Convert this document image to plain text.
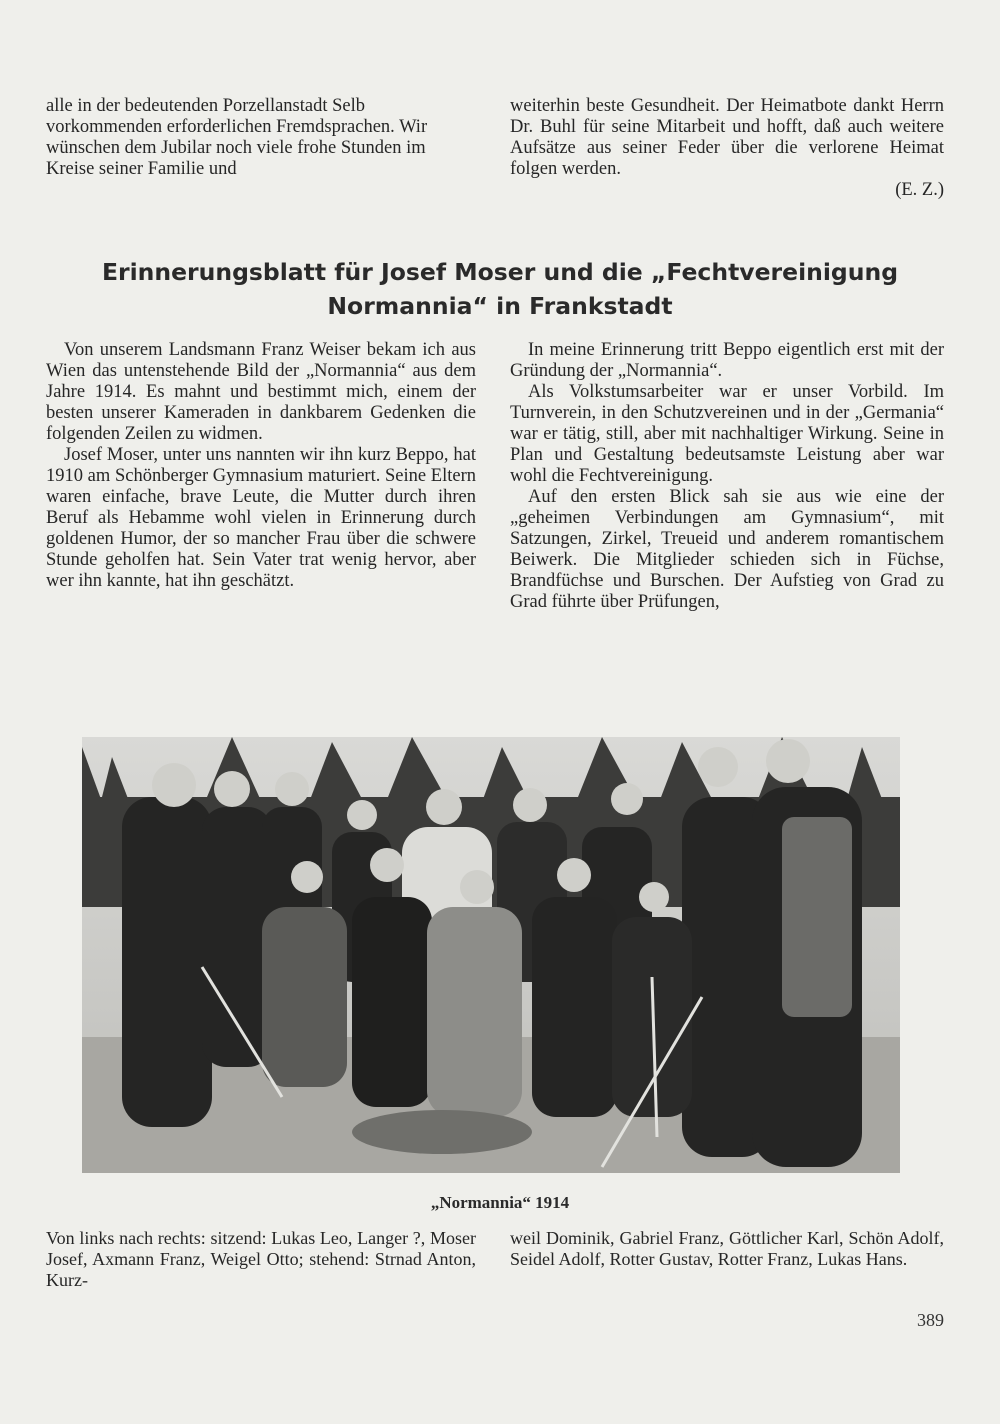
alle in der bedeutenden Porzellanstadt Selb vorkommenden erforderlichen Fremdsprachen. Wir wünschen dem Jubilar noch viele frohe Stunden im Kreise seiner Familie und

weiterhin beste Gesundheit. Der Heimatbote dankt Herrn Dr. Buhl für seine Mitarbeit und hofft, daß auch weitere Aufsätze aus seiner Feder über die verlorene Heimat folgen werden.

(E. Z.)
Erinnerungsblatt für Josef Moser und die „Fechtvereinigung
Normannia“ in Frankstadt

Von unserem Landsmann Franz Weiser bekam ich aus Wien das untenstehende Bild der „Normannia“ aus dem Jahre 1914. Es mahnt und bestimmt mich, einem der besten unserer Kameraden in dankbarem Gedenken die folgenden Zeilen zu widmen.

Josef Moser, unter uns nannten wir ihn kurz Beppo, hat 1910 am Schönberger Gymnasium maturiert. Seine Eltern waren einfache, brave Leute, die Mutter durch ihren Beruf als Hebamme wohl vielen in Erinnerung durch goldenen Humor, der so mancher Frau über die schwere Stunde geholfen hat. Sein Vater trat wenig hervor, aber wer ihn kannte, hat ihn geschätzt.

In meine Erinnerung tritt Beppo eigentlich erst mit der Gründung der „Normannia“.

Als Volkstumsarbeiter war er unser Vorbild. Im Turnverein, in den Schutzvereinen und in der „Germania“ war er tätig, still, aber mit nachhaltiger Wirkung. Seine in Plan und Gestaltung bedeutsamste Leistung aber war wohl die Fechtvereinigung.

Auf den ersten Blick sah sie aus wie eine der „geheimen Verbindungen am Gymnasium“, mit Satzungen, Zirkel, Treueid und anderem romantischem Beiwerk. Die Mitglieder schieden sich in Füchse, Brandfüchse und Burschen. Der Aufstieg von Grad zu Grad führte über Prüfungen,

„Normannia“ 1914
Von links nach rechts: sitzend: Lukas Leo, Langer ?, Moser Josef, Axmann Franz, Weigel Otto; stehend: Strnad Anton, Kurz-
weil Dominik, Gabriel Franz, Göttlicher Karl, Schön Adolf, Seidel Adolf, Rotter Gustav, Rotter Franz, Lukas Hans.
389
